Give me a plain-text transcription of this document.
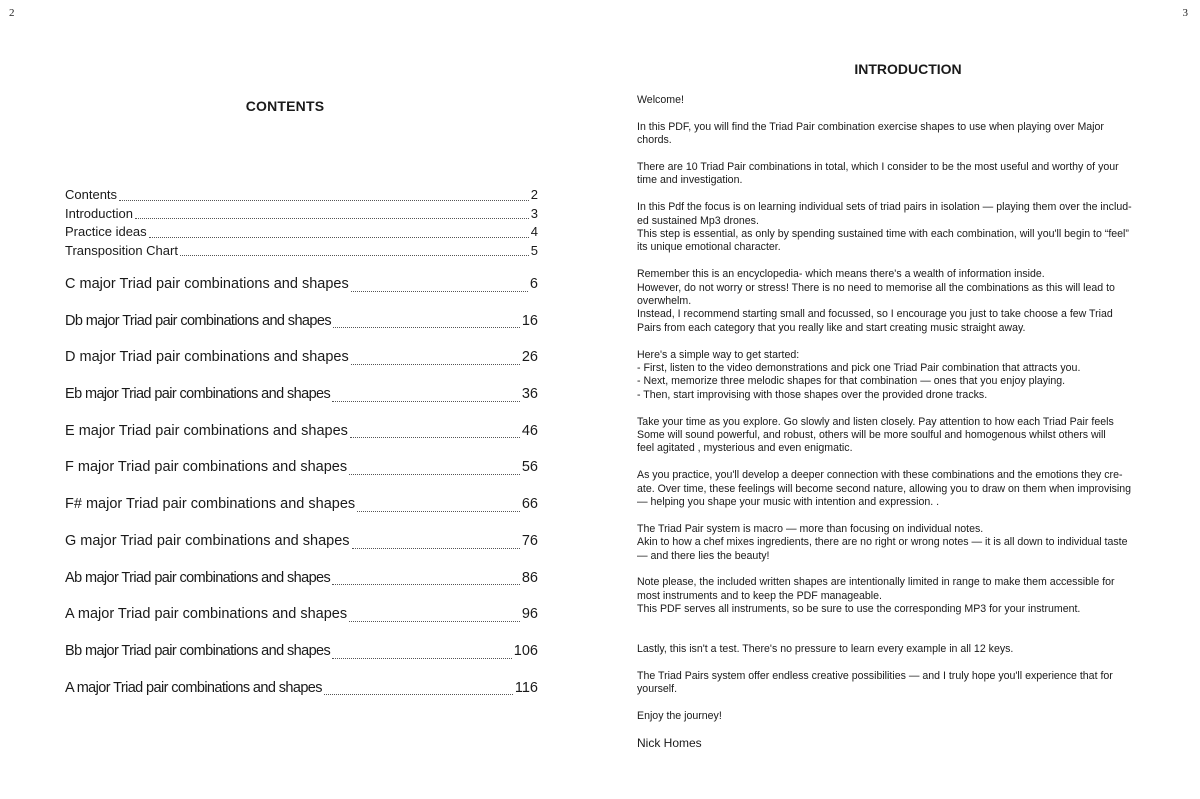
2	3
CONTENTS
Contents	2
Introduction	3
Practice ideas	4
Transposition Chart	5
C major Triad pair combinations and shapes	6
Db major Triad pair combinations and shapes	16
D major Triad pair combinations and shapes	26
Eb major Triad pair combinations and shapes	36
E major Triad pair combinations and shapes	46
F major Triad pair combinations and shapes	56
F# major Triad pair combinations and shapes	66
G major Triad pair combinations and shapes	76
Ab major Triad pair combinations and shapes	86
A major Triad pair combinations and shapes	96
Bb major Triad pair combinations and shapes	106
A major Triad pair combinations and shapes	116
INTRODUCTION

Welcome!

In this PDF, you will find the Triad Pair combination exercise shapes to use when playing over Major
chords.

There are 10 Triad Pair combinations in total, which I consider to be the most useful and worthy of your
time and investigation.

In this Pdf the focus is on learning individual sets of triad pairs in isolation — playing them over the includ-
ed sustained Mp3 drones.
This step is essential, as only by spending sustained time with each combination, will you'll begin to “feel”
its unique emotional character.

Remember this is an encyclopedia- which means there's a wealth of information inside.
However, do not worry or stress! There is no need to memorise all the combinations as this will lead to
overwhelm.
Instead, I recommend starting small and focussed, so I encourage you just to take choose a few Triad
Pairs from each category that you really like and start creating music straight away.

Here's a simple way to get started:
- First, listen to the video demonstrations and pick one Triad Pair combination that attracts you.
- Next, memorize three melodic shapes for that combination — ones that you enjoy playing.
- Then, start improvising with those shapes over the provided drone tracks.

Take your time as you explore. Go slowly and listen closely. Pay attention to how each Triad Pair feels
Some will sound powerful, and robust, others will be more soulful and homogenous whilst others will
feel agitated , mysterious and even enigmatic.

As you practice, you'll develop a deeper connection with these combinations and the emotions they cre-
ate. Over time, these feelings will become second nature, allowing you to draw on them when improvising
— helping you shape your music with intention and expression. .

The Triad Pair system is macro — more than focusing on individual notes.
Akin to how a chef mixes ingredients, there are no right or wrong notes — it is all down to individual taste
— and there lies the beauty!

Note please, the included written shapes are intentionally limited in range to make them accessible for
most instruments and to keep the PDF manageable.
This PDF serves all instruments, so be sure to use the corresponding MP3 for your instrument.

Lastly, this isn't a test. There's no pressure to learn every example in all 12 keys.

The Triad Pairs system offer endless creative possibilities — and I truly hope you'll experience that for
yourself.

Enjoy the journey!

Nick Homes
